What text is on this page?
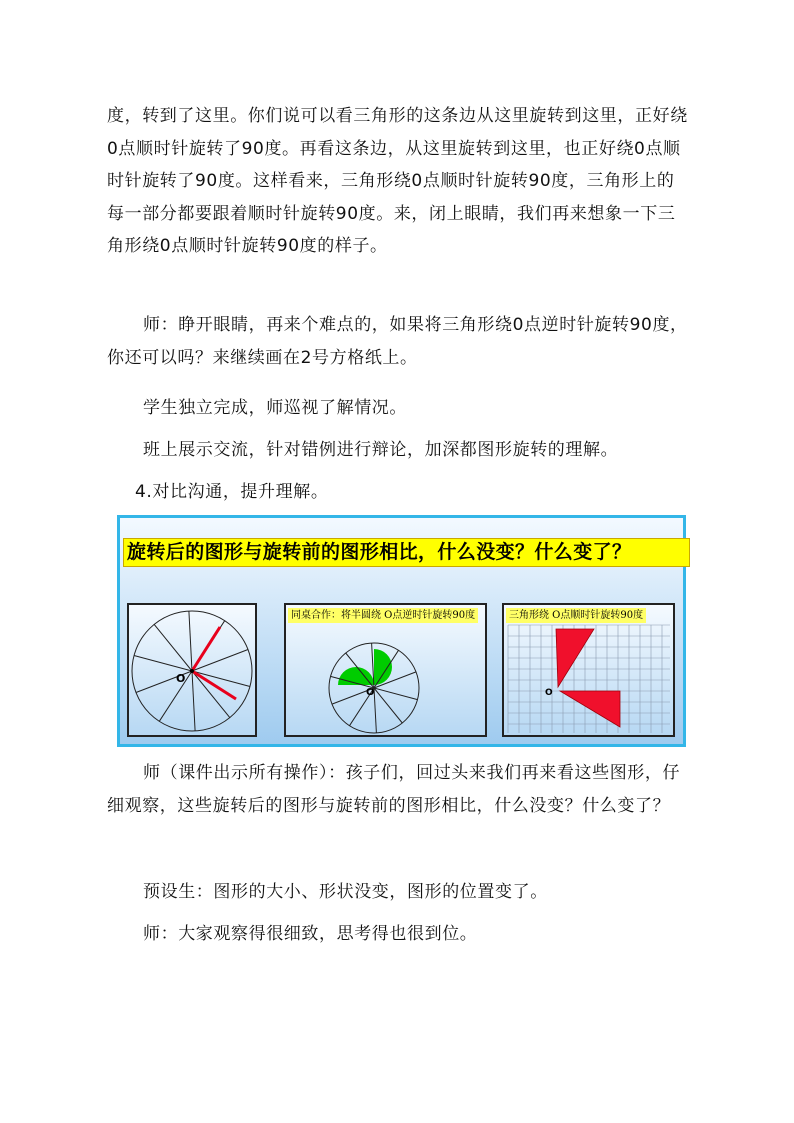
度，转到了这里。你们说可以看三角形的这条边从这里旋转到这里，正好绕0点顺时针旋转了90度。再看这条边，从这里旋转到这里，也正好绕0点顺时针旋转了90度。这样看来，三角形绕0点顺时针旋转90度，三角形上的每一部分都要跟着顺时针旋转90度。来，闭上眼睛，我们再来想象一下三角形绕0点顺时针旋转90度的样子。

师：睁开眼睛，再来个难点的，如果将三角形绕0点逆时针旋转90度，你还可以吗？来继续画在2号方格纸上。

学生独立完成，师巡视了解情况。

班上展示交流，针对错例进行辩论，加深都图形旋转的理解。

4.对比沟通，提升理解。

旋转后的图形与旋转前的图形相比，什么没变？什么变了？
O
O
同桌合作：将半圆绕 O点逆时针旋转90度
O
三角形绕 O点顺时针旋转90度

师（课件出示所有操作）：孩子们，回过头来我们再来看这些图形，仔细观察，这些旋转后的图形与旋转前的图形相比，什么没变？什么变了？

预设生：图形的大小、形状没变，图形的位置变了。

师：大家观察得很细致，思考得也很到位。
